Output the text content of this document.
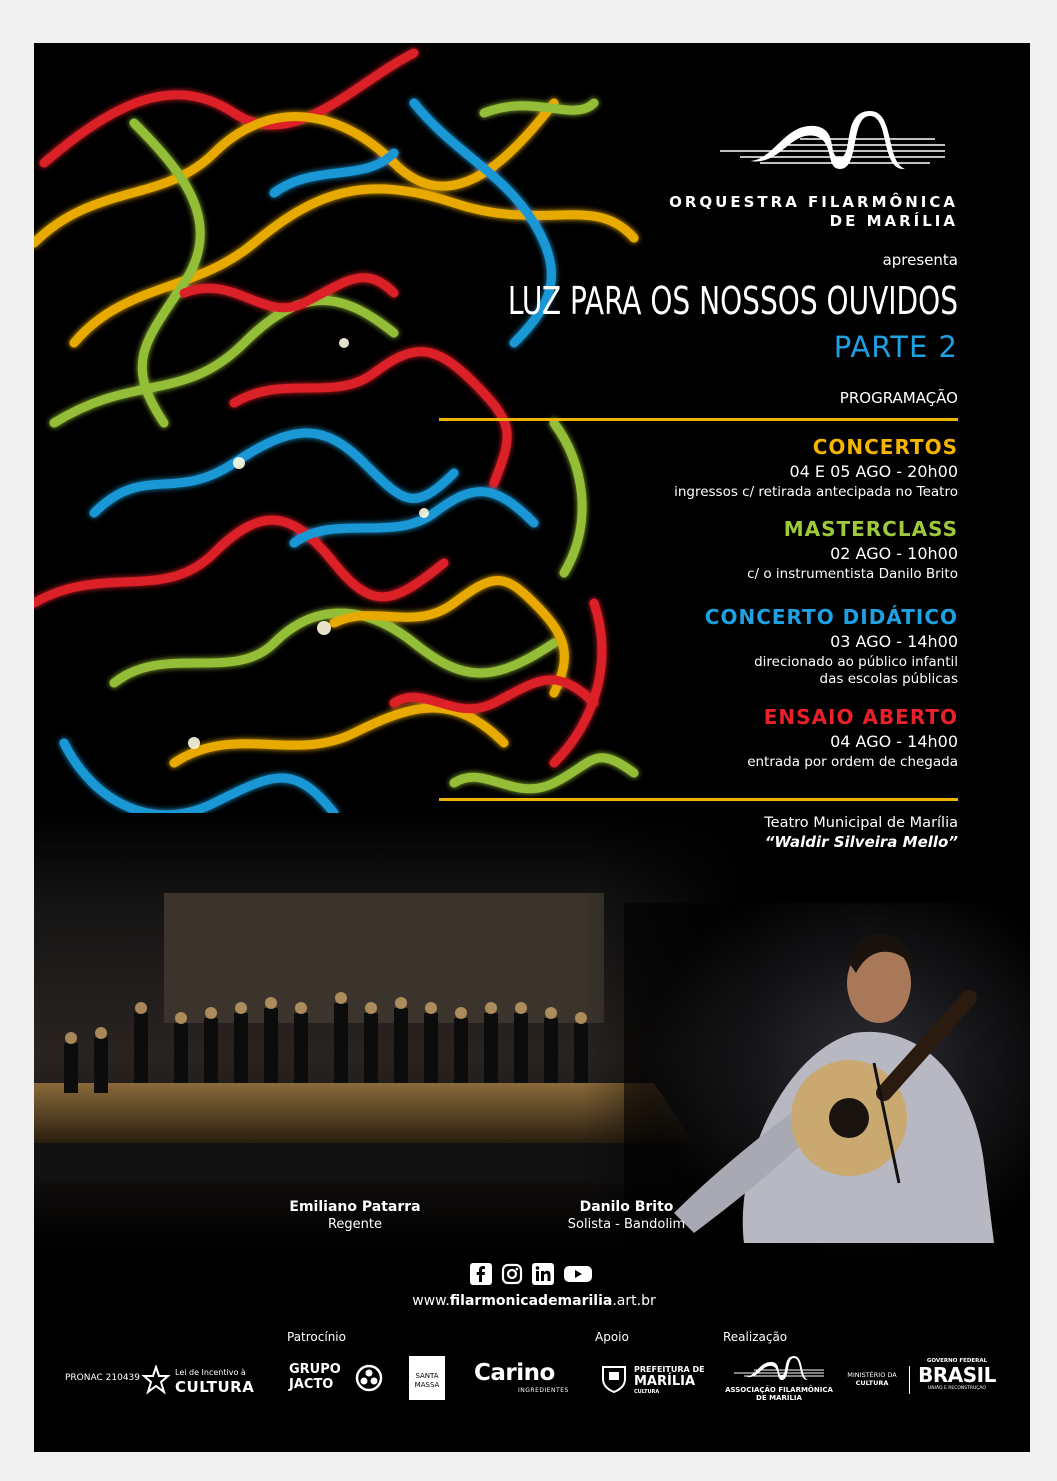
ORQUESTRA FILARMÔNICA
DE MARÍLIA
apresenta
LUZ PARA OS NOSSOS OUVIDOS
PARTE 2
PROGRAMAÇÃO
CONCERTOS
04 E 05 AGO - 20h00
ingressos c/ retirada antecipada no Teatro
MASTERCLASS
02 AGO - 10h00
c/ o instrumentista Danilo Brito
CONCERTO DIDÁTICO
03 AGO - 14h00
direcionado ao público infantil
das escolas públicas
ENSAIO ABERTO
04 AGO - 14h00
entrada por ordem de chegada
Teatro Municipal de Marília
“Waldir Silveira Mello”
Emiliano Patarra
Regente
Danilo Brito
Solista - Bandolim
www.filarmonicademarilia.art.br
Patrocínio	Apoio	Realização
PRONAC 210439
Lei de Incentivo à
CULTURA
GRUPO
JACTO
SANTA
MASSA Carino
INGREDIENTES
PREFEITURA DE
MARÍLIA
CULTURA	ASSOCIAÇÃO FILARMÔNICA
DE MARÍLIA
MINISTÉRIO DA
CULTURA
GOVERNO FEDERAL
BRASIL
UNIÃO E RECONSTRUÇÃO
